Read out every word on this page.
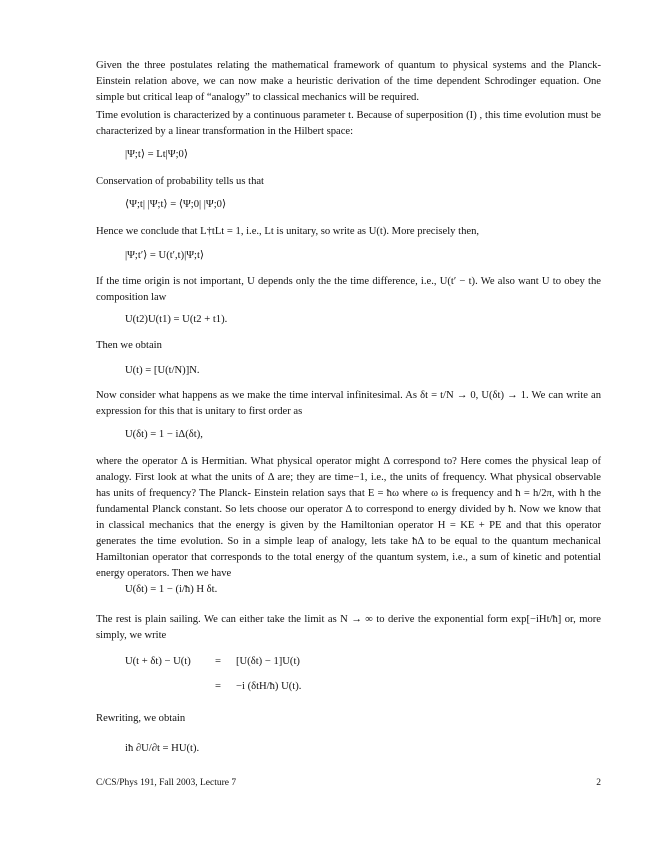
Given the three postulates relating the mathematical framework of quantum to physical systems and the Planck-Einstein relation above, we can now make a heuristic derivation of the time dependent Schrodinger equation. One simple but critical leap of “analogy” to classical mechanics will be required.
Time evolution is characterized by a continuous parameter t. Because of superposition (I) , this time evolution must be characterized by a linear transformation in the Hilbert space:
|Ψ;t⟩ = Lt|Ψ;0⟩
Conservation of probability tells us that
⟨Ψ;t| |Ψ;t⟩ = ⟨Ψ;0| |Ψ;0⟩
Hence we conclude that L†tLt = 1, i.e., Lt is unitary, so write as U(t). More precisely then,
|Ψ;t′⟩ = U(t′,t)|Ψ;t⟩
If the time origin is not important, U depends only the the time difference, i.e., U(t′ − t). We also want U to obey the composition law
U(t2)U(t1) = U(t2 + t1).
Then we obtain
U(t) = [U(t/N)]N.
Now consider what happens as we make the time interval infinitesimal. As δt = t/N → 0, U(δt) → 1. We can write an expression for this that is unitary to first order as
U(δt) = 1 − iΔ(δt),
where the operator Δ is Hermitian. What physical operator might Δ correspond to? Here comes the physical leap of analogy. First look at what the units of Δ are; they are time−1, i.e., the units of frequency. What physical observable has units of frequency? The Planck- Einstein relation says that E = ħω where ω is frequency and ħ = h/2π, with h the fundamental Planck constant. So lets choose our operator Δ to correspond to energy divided by ħ. Now we know that in classical mechanics that the energy is given by the Hamiltonian operator H = KE + PE and that this operator generates the time evolution. So in a simple leap of analogy, lets take ħΔ to be equal to the quantum mechanical Hamiltonian operator that corresponds to the total energy of the quantum system, i.e., a sum of kinetic and potential energy operators. Then we have
U(δt) = 1 − (i/ħ) H δt.
The rest is plain sailing. We can either take the limit as N → ∞ to derive the exponential form exp[−iHt/ħ] or, more simply, we write
U(t + δt) − U(t) = [U(δt) − 1]U(t)
= −i (δtH/ħ) U(t).
Rewriting, we obtain
iħ ∂U/∂t = HU(t).
C/CS/Phys 191, Fall 2003, Lecture 7	2
